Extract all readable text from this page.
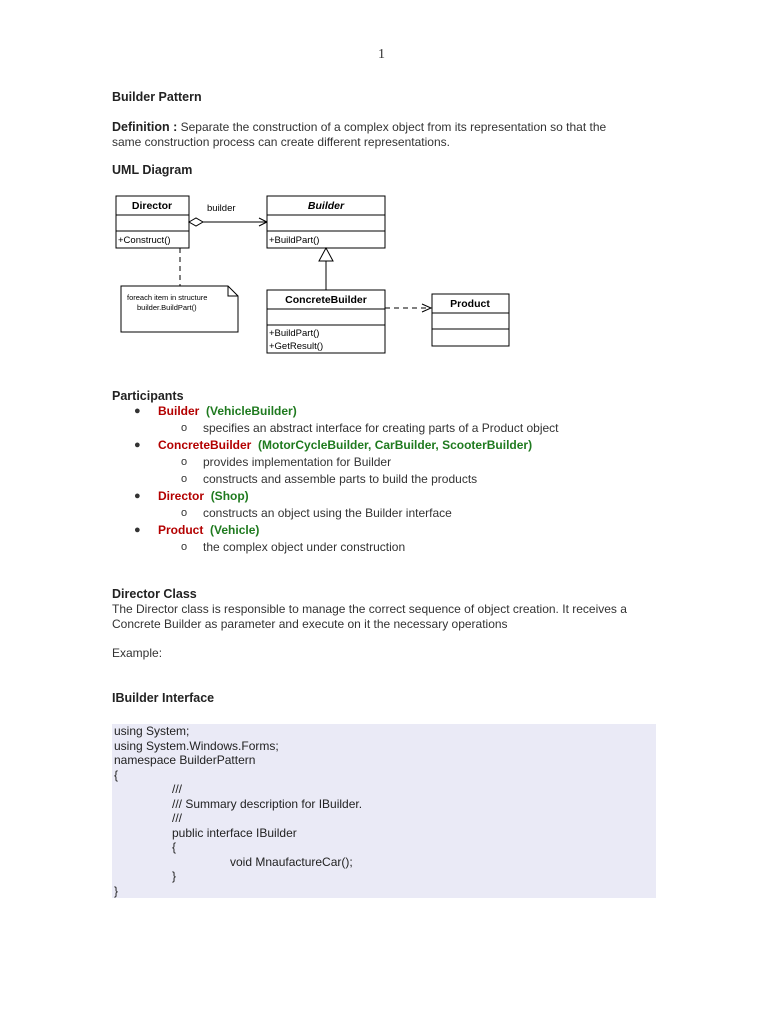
1
Builder Pattern
Definition : Separate the construction of a complex object from its representation so that the
same construction process can create different representations.
UML Diagram
Director
+Construct()
builder	Builder
+BuildPart()
foreach item in structure
builder.BuildPart()
ConcreteBuilder
+BuildPart()
+GetResult()
Product
Participants
● Builder (VehicleBuilder)
o specifies an abstract interface for creating parts of a Product object
● ConcreteBuilder (MotorCycleBuilder, CarBuilder, ScooterBuilder)
o provides implementation for Builder
o constructs and assemble parts to build the products
● Director (Shop)
o constructs an object using the Builder interface
● Product (Vehicle)
o the complex object under construction
Director Class
The Director class is responsible to manage the correct sequence of object creation. It receives a
Concrete Builder as parameter and execute on it the necessary operations
Example:
IBuilder Interface
using System;
using System.Windows.Forms;
namespace BuilderPattern
{
///
/// Summary description for IBuilder.
///
public interface IBuilder
{
void MnaufactureCar();
}
}
